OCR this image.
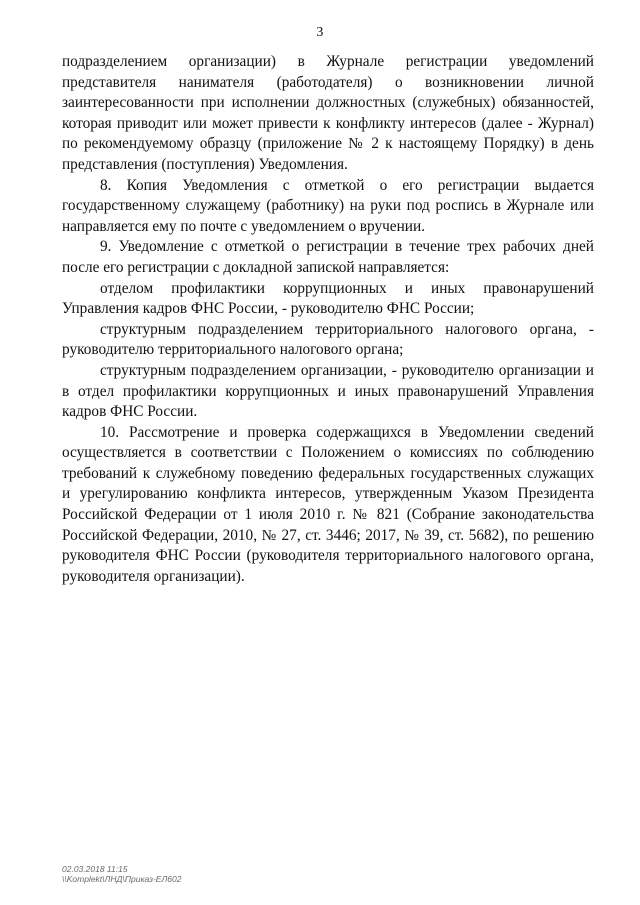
3

подразделением организации) в Журнале регистрации уведомлений представителя нанимателя (работодателя) о возникновении личной заинтересованности при исполнении должностных (служебных) обязанностей, которая приводит или может привести к конфликту интересов (далее - Журнал) по рекомендуемому образцу (приложение № 2 к настоящему Порядку) в день представления (поступления) Уведомления.

8. Копия Уведомления с отметкой о его регистрации выдается государственному служащему (работнику) на руки под роспись в Журнале или направляется ему по почте с уведомлением о вручении.

9. Уведомление с отметкой о регистрации в течение трех рабочих дней после его регистрации с докладной запиской направляется:

отделом профилактики коррупционных и иных правонарушений Управления кадров ФНС России, - руководителю ФНС России;

структурным подразделением территориального налогового органа, - руководителю территориального налогового органа;

структурным подразделением организации, - руководителю организации и в отдел профилактики коррупционных и иных правонарушений Управления кадров ФНС России.

10. Рассмотрение и проверка содержащихся в Уведомлении сведений осуществляется в соответствии с Положением о комиссиях по соблюдению требований к служебному поведению федеральных государственных служащих и урегулированию конфликта интересов, утвержденным Указом Президента Российской Федерации от 1 июля 2010 г. № 821 (Собрание законодательства Российской Федерации, 2010, № 27, ст. 3446; 2017, № 39, ст. 5682), по решению руководителя ФНС России (руководителя территориального налогового органа, руководителя организации).

02.03.2018 11:15
\\Komplekt\ЛНД\Приказ-ЕЛ602
